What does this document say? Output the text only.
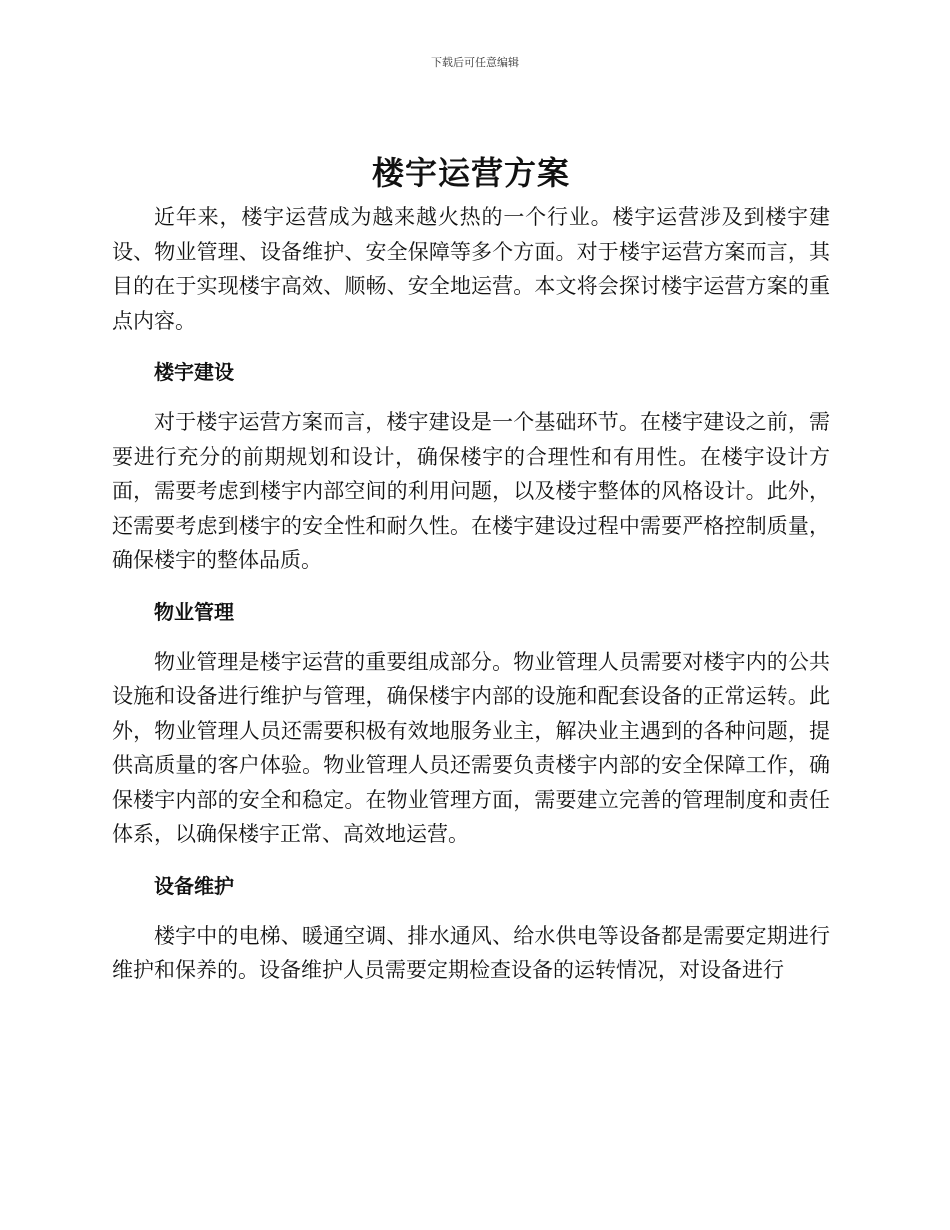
下载后可任意编辑
楼宇运营方案

近年来，楼宇运营成为越来越火热的一个行业。楼宇运营涉及到楼宇建设、物业管理、设备维护、安全保障等多个方面。对于楼宇运营方案而言，其目的在于实现楼宇高效、顺畅、安全地运营。本文将会探讨楼宇运营方案的重点内容。

楼宇建设

对于楼宇运营方案而言，楼宇建设是一个基础环节。在楼宇建设之前，需要进行充分的前期规划和设计，确保楼宇的合理性和有用性。在楼宇设计方面，需要考虑到楼宇内部空间的利用问题，以及楼宇整体的风格设计。此外，还需要考虑到楼宇的安全性和耐久性。在楼宇建设过程中需要严格控制质量，确保楼宇的整体品质。

物业管理

物业管理是楼宇运营的重要组成部分。物业管理人员需要对楼宇内的公共设施和设备进行维护与管理，确保楼宇内部的设施和配套设备的正常运转。此外，物业管理人员还需要积极有效地服务业主，解决业主遇到的各种问题，提供高质量的客户体验。物业管理人员还需要负责楼宇内部的安全保障工作，确保楼宇内部的安全和稳定。在物业管理方面，需要建立完善的管理制度和责任体系，以确保楼宇正常、高效地运营。

设备维护

楼宇中的电梯、暖通空调、排水通风、给水供电等设备都是需要定期进行维护和保养的。设备维护人员需要定期检查设备的运转情况，对设备进行
